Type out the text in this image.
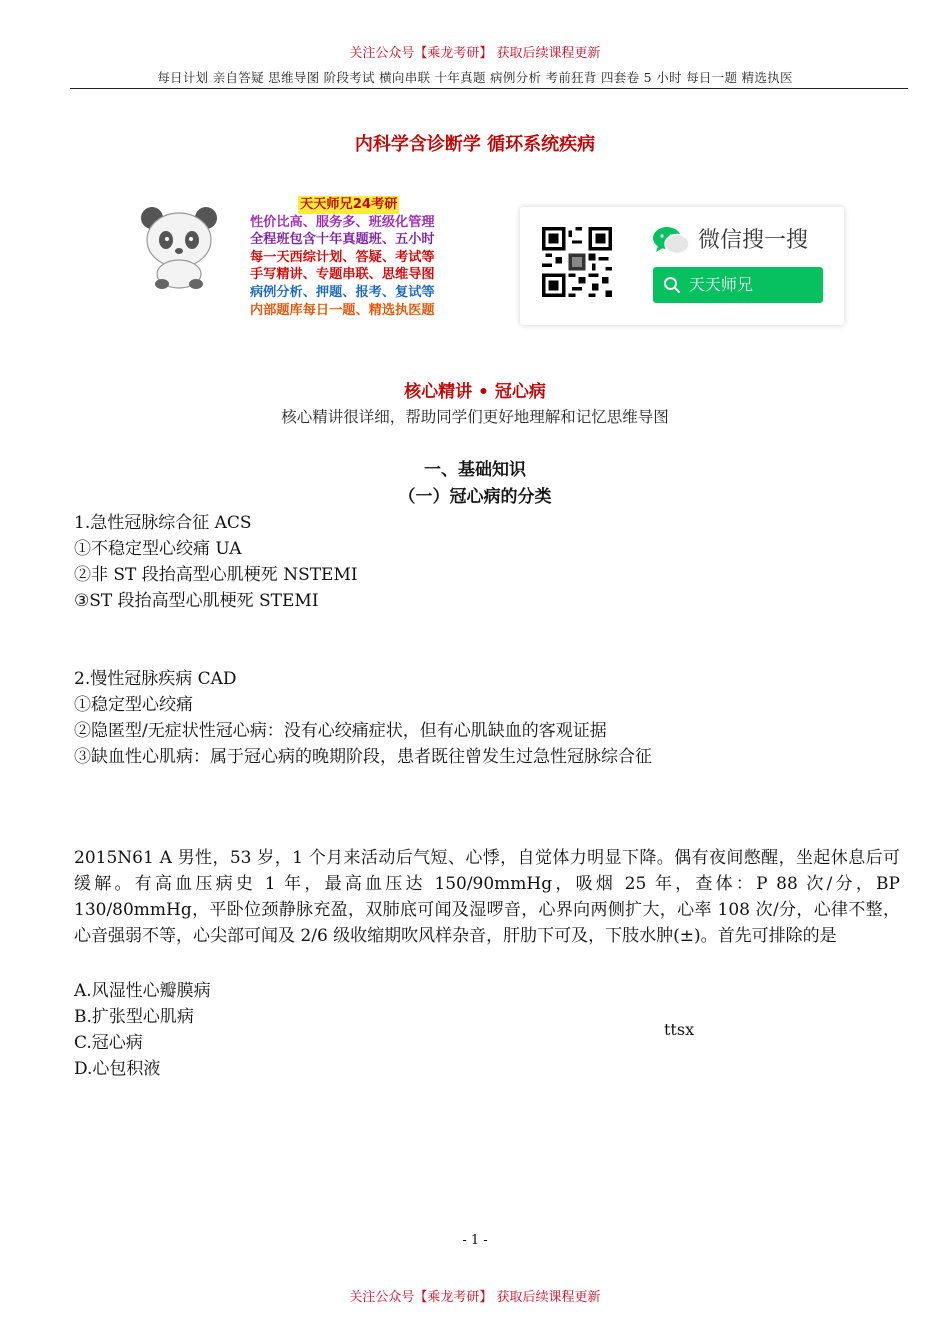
关注公众号【乘龙考研】 获取后续课程更新
每日计划 亲自答疑 思维导图 阶段考试 横向串联 十年真题 病例分析 考前狂背 四套卷 5 小时 每日一题 精选执医
内科学含诊断学 循环系统疾病
天天师兄24考研
性价比高、服务多、班级化管理
全程班包含十年真题班、五小时
每一天西综计划、答疑、考试等
手写精讲、专题串联、思维导图
病例分析、押题、报考、复试等
内部题库每日一题、精选执医题
微信搜一搜
天天师兄
核心精讲 • 冠心病
核心精讲很详细，帮助同学们更好地理解和记忆思维导图
一、基础知识
（一）冠心病的分类
1.急性冠脉综合征 ACS
①不稳定型心绞痛 UA
②非 ST 段抬高型心肌梗死 NSTEMI
③ST 段抬高型心肌梗死 STEMI
2.慢性冠脉疾病 CAD
①稳定型心绞痛
②隐匿型/无症状性冠心病：没有心绞痛症状，但有心肌缺血的客观证据
③缺血性心肌病：属于冠心病的晚期阶段，患者既往曾发生过急性冠脉综合征
2015N61 A 男性，53 岁，1 个月来活动后气短、心悸，自觉体力明显下降。偶有夜间憋醒，坐起休息后可缓解。有高血压病史 1 年，最高血压达 150/90mmHg，吸烟 25 年，查体：P 88 次/分，BP 130/80mmHg，平卧位颈静脉充盈，双肺底可闻及湿啰音，心界向两侧扩大，心率 108 次/分，心律不整，心音强弱不等，心尖部可闻及 2/6 级收缩期吹风样杂音，肝肋下可及，下肢水肿(±)。首先可排除的是
A.风湿性心瓣膜病
B.扩张型心肌病
C.冠心病
D.心包积液
ttsx
- 1 -
关注公众号【乘龙考研】 获取后续课程更新
